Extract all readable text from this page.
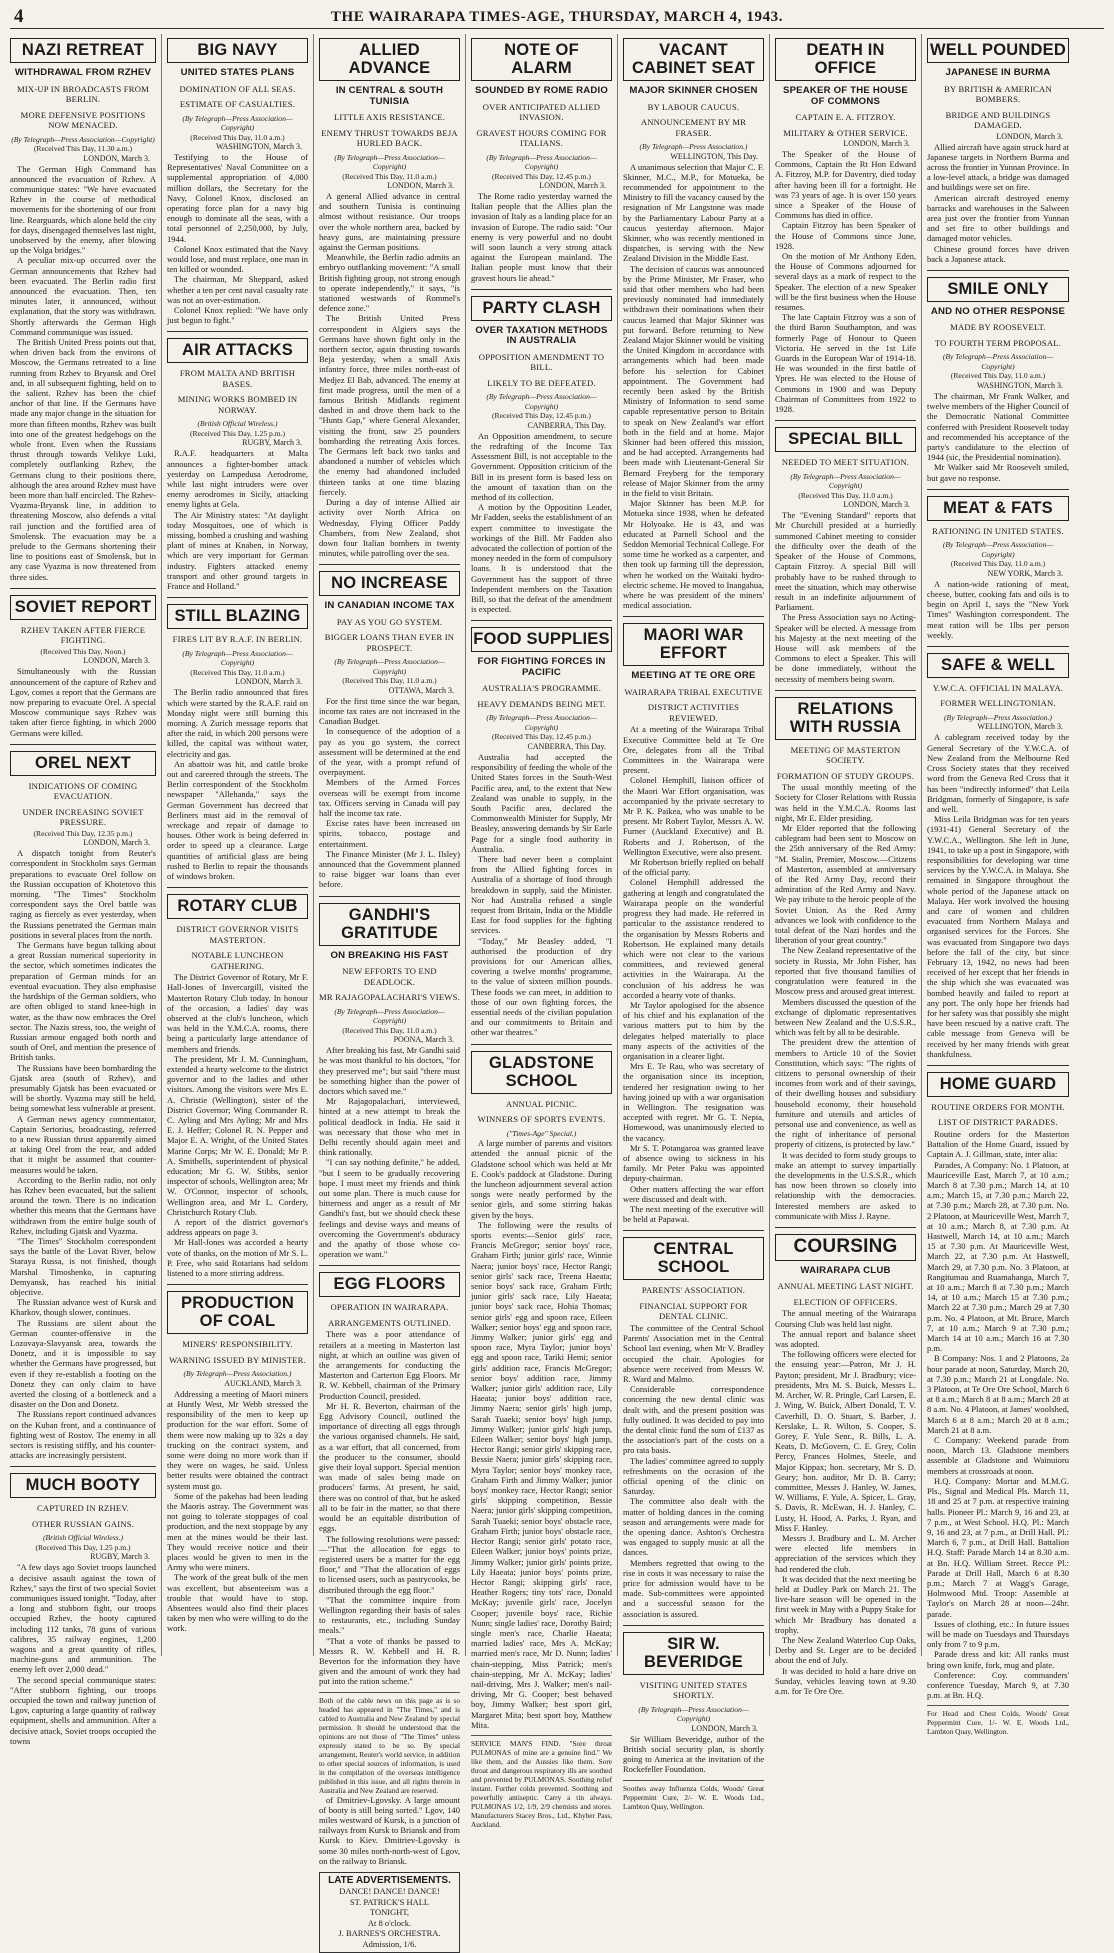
4	THE WAIRARAPA TIMES-AGE, THURSDAY, MARCH 4, 1943.
NAZI RETREAT
WITHDRAWAL FROM RZHEV
MIX-UP IN BROADCASTS FROM BERLIN.
MORE DEFENSIVE POSITIONS NOW MENACED.
(By Telegraph—Press Association—Copyright)
(Received This Day, 11.30 a.m.)
LONDON, March 3.

The German High Command has announced the evacuation of Rzhev. A communique states: "We have evacuated Rzhev in the course of methodical movements for the shortening of our front line. Rearguards, which alone held the city for days, disengaged themselves last night, unobserved by the enemy, after blowing up the Volga bridges."

A peculiar mix-up occurred over the German announcements that Rzhev had been evacuated. The Berlin radio first announced the evacuation. Then, ten minutes later, it announced, without explanation, that the story was withdrawn. Shortly afterwards the German High Command communique was issued.

The British United Press points out that, when driven back from the environs of Moscow, the Germans retreated to a line running from Rzhev to Bryansk and Orel and, in all subsequent fighting, held on to the salient. Rzhev has been the chief anchor of that line. If the Germans have made any major change in the situation for more than fifteen months, Rzhev was built into one of the greatest hedgehogs on the whole front. Even when the Russians thrust through towards Velikye Luki, completely outflanking Rzhev, the Germans clung to their positions there, although the area around Rzhev must have been more than half encircled. The Rzhev-Vyazma-Bryansk line, in addition to threatening Moscow, also defends a vital rail junction and the fortified area of Smolensk. The evacuation may be a prelude to the Germans shortening their line to positions east of Smolensk, but in any case Vyazma is now threatened from three sides.

SOVIET REPORT
RZHEV TAKEN AFTER FIERCE FIGHTING.
(Received This Day, Noon.)
LONDON, March 3.

Simultaneously with the Russian announcement of the capture of Rzhev and Lgov, comes a report that the Germans are now preparing to evacuate Orel. A special Moscow communique says Rzhev was taken after fierce fighting, in which 2000 Germans were killed.

OREL NEXT
INDICATIONS OF COMING EVACUATION.
UNDER INCREASING SOVIET PRESSURE.
(Received This Day, 12.35 p.m.)
LONDON, March 3.

A dispatch tonight from Reuter's correspondent in Stockholm says German preparations to evacuate Orel follow on the Russian occupation of Khotetovo this morning. "The Times" Stockholm correspondent says the Orel battle was raging as fiercely as ever yesterday, when the Russians penetrated the German main positions in several places from the north.

The Germans have begun talking about a great Russian numerical superiority in the sector, which sometimes indicates the preparation of German minds for an eventual evacuation. They also emphasise the hardships of the German soldiers, who are often obliged to stand knee-high in water, as the thaw now embraces the Orel sector. The Nazis stress, too, the weight of Russian armour engaged both north and south of Orel, and mention the presence of British tanks.

The Russians have been bombarding the Gjatsk area (south of Rzhev), and presumably Gjatsk has been evacuated or will be shortly. Vyazma may still be held, being somewhat less vulnerable at present.

A German news agency commentator, Captain Sertorius, broadcasting, referred to a new Russian thrust apparently aimed at taking Orel from the rear, and added that it might be assumed that counter-measures would be taken.

According to the Berlin radio, not only has Rzhev been evacuated, but the salient around the town. There is no indication whether this means that the Germans have withdrawn from the entire bulge south of Rzhev, including Gjatsk and Vyazma.

"The Times" Stockholm correspondent says the battle of the Lovat River, below Staraya Russa, is not finished, though Marshal Timoshenko, in capturing Demyansk, has reached his initial objective.

The Russian advance west of Kursk and Kharkov, though slower, continues.

The Russians are silent about the German counter-offensive in the Lozovaya-Slavyansk area, towards the Donetz, and it is impossible to say whether the Germans have progressed, but even if they re-establish a footing on the Donetz they can only claim to have averted the closing of a bottleneck and a disaster on the Don and Donetz.

The Russians report continued advances on the Kuban front, and a continuance of fighting west of Rostov. The enemy in all sectors is resisting stiffly, and his counter-attacks are increasingly persistent.

MUCH BOOTY
CAPTURED IN RZHEV.
OTHER RUSSIAN GAINS.
(British Official Wireless.)
(Received This Day, 1.25 p.m.)
RUGBY, March 3.

"A few days ago Soviet troops launched a decisive assault against the town of Rzhev," says the first of two special Soviet communiques issued tonight. "Today, after a long and stubborn fight, our troops occupied Rzhev, the booty captured including 112 tanks, 78 guns of various calibres, 35 railway engines, 1,200 wagons and a great quantity of rifles, machine-guns and ammunition. The enemy left over 2,000 dead."

The second special communique states: "After stubborn fighting, our troops occupied the town and railway junction of Lgov, capturing a large quantity of railway equipment, shells and ammunition. After a decisive attack, Soviet troops occupied the towns

BIG NAVY
UNITED STATES PLANS
DOMINATION OF ALL SEAS.
ESTIMATE OF CASUALTIES.
(By Telegraph—Press Association—Copyright)
(Received This Day, 11.0 a.m.)
WASHINGTON, March 3.

Testifying to the House of Representatives' Naval Committee on a supplemental appropriation of 4,000 million dollars, the Secretary for the Navy, Colonel Knox, disclosed an operating force plan for a navy big enough to dominate all the seas, with a total personnel of 2,250,000, by July, 1944.

Colonel Knox estimated that the Navy would lose, and must replace, one man in ten killed or wounded.

The chairman, Mr Sheppard, asked whether a ten per cent naval casualty rate was not an over-estimation.

Colonel Knox replied: "We have only just begun to fight."

AIR ATTACKS
FROM MALTA AND BRITISH BASES.
MINING WORKS BOMBED IN NORWAY.
(British Official Wireless.)
(Received This Day, 1.25 p.m.)
RUGBY, March 3.

R.A.F. headquarters at Malta announces a fighter-bomber attack yesterday on Lampedusa Aerodrome, while last night intruders were over enemy aerodromes in Sicily, attacking enemy lights at Gela.

The Air Ministry states: "At daylight today Mosquitoes, one of which is missing, bombed a crushing and washing plant of mines at Knaben, in Norway, which are very important for German industry. Fighters attacked enemy transport and other ground targets in France and Holland."

STILL BLAZING
FIRES LIT BY R.A.F. IN BERLIN.
(By Telegraph—Press Association—Copyright)
(Received This Day, 11.0 a.m.)
LONDON, March 3.

The Berlin radio announced that fires which were started by the R.A.F. raid on Monday night were still burning this morning. A Zurich message reports that after the raid, in which 200 persons were killed, the capital was without water, electricity and gas.

An abattoir was hit, and cattle broke out and careered through the streets. The Berlin correspondent of the Stockholm newspaper "Allehanda," says the German Government has decreed that Berliners must aid in the removal of wreckage and repair of damage to houses. Other work is being deferred in order to speed up a clearance. Large quantities of artificial glass are being rushed to Berlin to repair the thousands of windows broken.

ROTARY CLUB
DISTRICT GOVERNOR VISITS MASTERTON.
NOTABLE LUNCHEON GATHERING.

The District Governor of Rotary, Mr F. Hall-Jones of Invercargill, visited the Masterton Rotary Club today. In honour of the occasion, a ladies' day was observed at the club's luncheon, which was held in the Y.M.C.A. rooms, there being a particularly large attendance of members and friends.

The president, Mr J. M. Cunningham, extended a hearty welcome to the district governor and to the ladies and other visitors. Among the visitors were Mrs E. A. Christie (Wellington), sister of the District Governor; Wing Commander R. C. Ayling and Mrs Ayling; Mr and Mrs E. J. Heffer; Colonel R. N. Pepper and Major E. A. Wright, of the United States Marine Corps; Mr W. E. Donald; Mr P. A. Smithells, superintendent of physical education; Mr G. W. Stibbs, senior inspector of schools, Wellington area; Mr W. O'Connor, inspector of schools, Wellington area, and Mr L. Cordery, Christchurch Rotary Club.

A report of the district governor's address appears on page 3.

Mr Hall-Jones was accorded a hearty vote of thanks, on the motion of Mr S. L. P. Free, who said Rotarians had seldom listened to a more stirring address.

PRODUCTION OF COAL
MINERS' RESPONSIBILITY.
WARNING ISSUED BY MINISTER.
(By Telegraph—Press Association.)
AUCKLAND, March 3.

Addressing a meeting of Maori miners at Huntly West, Mr Webb stressed the responsibility of the men to keep up production for the war effort. Some of them were now making up to 32s a day trucking on the contract system, and some were doing no more work than if they were on wages, he said. Unless better results were obtained the contract system must go.

Some of the pakehas had been leading the Maoris astray. The Government was not going to tolerate stoppages of coal production, and the next stoppage by any men at the mines would be their last. They would receive notice and their places would be given to men in the Army who were miners.

The work of the great bulk of the men was excellent, but absenteeism was a trouble that would have to stop. Absentees would also find their places taken by men who were willing to do the work.

ALLIED ADVANCE
IN CENTRAL & SOUTH TUNISIA
LITTLE AXIS RESISTANCE.
ENEMY THRUST TOWARDS BEJA HURLED BACK.
(By Telegraph—Press Association—Copyright)
(Received This Day, 11.0 a.m.)
LONDON, March 3.

A general Allied advance in central and southern Tunisia is continuing almost without resistance. Our troops over the whole northern area, backed by heavy guns, are maintaining pressure against the German positions.

Meanwhile, the Berlin radio admits an embryo outflanking movement: "A small British fighting group, not strong enough to operate independently," it says, "is stationed westwards of Rommel's defence zone."

The British United Press correspondent in Algiers says the Germans have shown fight only in the northern sector, again thrusting towards Beja yesterday, when a small Axis infantry force, three miles north-east of Medjez El Bab, advanced. The enemy at first made progress, until the men of a famous British Midlands regiment dashed in and drove them back to the "Hunts Gap," where General Alexander, visiting the front, saw 25 pounders bombarding the retreating Axis forces. The Germans left back two tanks and abandoned a number of vehicles which the enemy had abandoned included thirteen tanks at one time blazing fiercely.

During a day of intense Allied air activity over North Africa on Wednesday, Flying Officer Paddy Chambers, from New Zealand, shot down four Italian bombers in twenty minutes, while patrolling over the sea.

NO INCREASE
IN CANADIAN INCOME TAX
PAY AS YOU GO SYSTEM.
BIGGER LOANS THAN EVER IN PROSPECT.
(By Telegraph—Press Association—Copyright)
(Received This Day, 11.0 a.m.)
OTTAWA, March 3.

For the first time since the war began, income tax rates are not increased in the Canadian Budget.

In consequence of the adoption of a pay as you go system, the correct assessment will be determined at the end of the year, with a prompt refund of overpayment.

Members of the Armed Forces overseas will be exempt from income tax. Officers serving in Canada will pay half the income tax rate.

Excise rates have been increased on spirits, tobacco, postage and entertainment.

The Finance Minister (Mr J. L. Ilsley) announced that the Government planned to raise bigger war loans than ever before.

GANDHI'S GRATITUDE
ON BREAKING HIS FAST
NEW EFFORTS TO END DEADLOCK.
MR RAJAGOPALACHARI'S VIEWS.
(By Telegraph—Press Association—Copyright)
(Received This Day, 11.0 a.m.)
POONA, March 3.

After breaking his fast, Mr Gandhi said he was most thankful to his doctors, "for they preserved me"; but said "there must be something higher than the power of doctors which saved me."

Mr Rajagopalachari, interviewed, hinted at a new attempt to break the political deadlock in India. He said it was necessary that those who met in Delhi recently should again meet and think rationally.

"I can say nothing definite," he added, "but I seem to be gradually recovering hope. I must meet my friends and think out some plan. There is much cause for bitterness and anger as a result of Mr Gandhi's fast, but we should check these feelings and devise ways and means of overcoming the Government's obduracy and the apathy of those whose co-operation we want."

EGG FLOORS
OPERATION IN WAIRARAPA.
ARRANGEMENTS OUTLINED.

There was a poor attendance of retailers at a meeting in Masterton last night, at which an outline was given of the arrangements for conducting the Masterton and Carterton Egg Floors. Mr R. W. Kebbell, chairman of the Primary Production Council, presided.

Mr H. R. Beverton, chairman of the Egg Advisory Council, outlined the importance of directing all eggs through the various organised channels. He said, as a war effort, that all concerned, from the producer to the consumer, should give their loyal support. Special mention was made of sales being made on producers' farms. At present, he said, there was no control of that, but he asked all to be fair in the matter, so that there would be an equitable distribution of eggs.

The following resolutions were passed:—"That the allocation for eggs to registered users be a matter for the egg floor," and "That the allocation of eggs to licensed users, such as pastrycooks, be distributed through the egg floor."

"That the committee inquire from Wellington regarding their basis of sales to restaurants, etc., including Sunday meals."

"That a vote of thanks be passed to Messrs R. W. Kebbell and H. R. Beverton for the information they have given and the amount of work they had put into the ration scheme."

Both of the cable news on this page as is so headed has appeared in "The Times," and is cabled to Australia and New Zealand by special permission. It should be understood that the opinions are not those of "The Times" unless expressly stated to be so. By special arrangement, Reuter's world service, in addition to other special sources of information, is used in the compilation of the overseas intelligence published in this issue, and all rights therein in Australia and New Zealand are reserved.

of Dmitriev-Lgovsky. A large amount of booty is still being sorted." Lgov, 140 miles westward of Kursk, is a junction of railways from Kursk to Briansk and from Kursk to Kiev. Dmitriev-Lgovsky is some 30 miles north-north-west of Lgov, on the railway to Briansk.

LATE ADVERTISEMENTS.
DANCE! DANCE! DANCE!
ST. PATRICK'S HALL
TONIGHT,
At 8 o'clock.
J. BARNES'S ORCHESTRA.
Admission, 1/6.
NOTE OF ALARM
SOUNDED BY ROME RADIO
OVER ANTICIPATED ALLIED INVASION.
GRAVEST HOURS COMING FOR ITALIANS.
(By Telegraph—Press Association—Copyright)
(Received This Day, 12.45 p.m.)
LONDON, March 3.

The Rome radio yesterday warned the Italian people that the Allies plan the invasion of Italy as a landing place for an invasion of Europe. The radio said: "Our enemy is very powerful and no doubt will soon launch a very strong attack against the European mainland. The Italian people must know that their gravest hours lie ahead."

PARTY CLASH
OVER TAXATION METHODS IN AUSTRALIA
OPPOSITION AMENDMENT TO BILL.
LIKELY TO BE DEFEATED.
(By Telegraph—Press Association—Copyright)
(Received This Day, 12.45 p.m.)
CANBERRA, This Day.

An Opposition amendment, to secure the redrafting of the Income Tax Assessment Bill, is not acceptable to the Government. Opposition criticism of the Bill in its present form is based less on the amount of taxation than on the method of its collection.

A motion by the Opposition Leader, Mr Fadden, seeks the establishment of an expert committee to investigate the workings of the Bill. Mr Fadden also advocated the collection of portion of the money needed in the form of compulsory loans. It is understood that the Government has the support of three Independent members on the Taxation Bill, so that the defeat of the amendment is expected.

FOOD SUPPLIES
FOR FIGHTING FORCES IN PACIFIC
AUSTRALIA'S PROGRAMME.
HEAVY DEMANDS BEING MET.
(By Telegraph—Press Association—Copyright)
(Received This Day, 12.45 p.m.)
CANBERRA, This Day.

Australia had accepted the responsibility of feeding the whole of the United States forces in the South-West Pacific area, and, to the extent that New Zealand was unable to supply, in the South Pacific area, declared the Commonwealth Minister for Supply, Mr Beasley, answering demands by Sir Earle Page for a single food authority in Australia.

There had never been a complaint from the Allied fighting forces in Australia of a shortage of food through breakdown in supply, said the Minister. Nor had Australia refused a single request from Britain, India or the Middle East for food supplies for the fighting services.

"Today," Mr Beasley added, "I authorised the production of dry provisions for our American allies, covering a twelve months' programme, to the value of sixteen million pounds. These foods we can meet, in addition to those of our own fighting forces, the essential needs of the civilian population and our commitments to Britain and other war theatres."

GLADSTONE SCHOOL
ANNUAL PICNIC.
WINNERS OF SPORTS EVENTS.
("Times-Age" Special.)

A large number of parents and visitors attended the annual picnic of the Gladstone school which was held at Mr E. Cook's paddock at Gladstone. During the luncheon adjournment several action songs were neatly performed by the senior girls, and some stirring hakas given by the boys.

The following were the results of sports events:—Senior girls' race, Francis McGregor; senior boys' race, Graham Firth; junior girls' race, Winnie Naera; junior boys' race, Hector Rangi; senior girls' sack race, Treena Haeata; senior boys' sack race, Graham Firth; junior girls' sack race, Lily Haeata; junior boys' sack race, Hohia Thomas; senior girls' egg and spoon race, Eileen Walker; senior boys' egg and spoon race, Jimmy Walker; junior girls' egg and spoon race, Myra Taylor; junior boys' egg and spoon race, Tariki Hemi; senior girls' addition race, Francis McGregor; senior boys' addition race, Jimmy Walker; junior girls' addition race, Lily Haeata; junior boys' addition race, Jimmy Naera; senior girls' high jump, Sarah Tuaeki; senior boys' high jump, Jimmy Walker; junior girls' high jump, Eileen Walker; senior boys' high jump, Hector Rangi; senior girls' skipping race, Bessie Naera; junior girls' skipping race, Myra Taylor; senior boys' monkey race, Graham Firth and Jimmy Walker; junior boys' monkey race, Hector Rangi; senior girls' skipping competition, Bessie Naera; junior girls' skipping competition, Sarah Tuaeki; senior boys' obstacle race, Graham Firth; junior boys' obstacle race, Hector Rangi; senior girls' potato race, Eileen Walker; junior boys' points prize, Jimmy Walker; junior girls' points prize, Lily Haeata; junior boys' points prize, Hector Rangi; skipping girls' race, Heather Rogers; tiny tots' race, Donald McKay; juvenile girls' race, Jocelyn Cooper; juvenile boys' race, Richie Nunn; single ladies' race, Dorothy Baird; single men's race, Charlie Haeata; married ladies' race, Mrs A. McKay; married men's race, Mr D. Nunn; ladies' chain-stepping, Miss Patrick; men's chain-stepping, Mr A. McKay; ladies' nail-driving, Mrs J. Walker; men's nail-driving, Mr G. Cooper; best behaved boy, Jimmy Walker; best sport girl, Margaret Mita; best sport boy, Matthew Mita.

SERVICE MAN'S FIND. "Sore throat PULMONAS of mine are a genuine find." We like them, and the Aussies like them. Sore throat and dangerous respiratory ills are soothed and prevented by PULMONAS. Soothing relief instant. Further colds prevented. Soothing and powerfully antiseptic. Carry a tin always. PULMONAS 1/2, 1/9, 2/9 chemists and stores. Manufacturers Stacey Bros., Ltd., Khyber Pass, Auckland.
VACANT CABINET SEAT
MAJOR SKINNER CHOSEN
BY LABOUR CAUCUS.
ANNOUNCEMENT BY MR FRASER.
(By Telegraph—Press Association.)
WELLINGTON, This Day.

A unanimous selection that Major C. F. Skinner, M.C., M.P., for Motueka, be recommended for appointment to the Ministry to fill the vacancy caused by the resignation of Mr Langstone was made by the Parliamentary Labour Party at a caucus yesterday afternoon. Major Skinner, who was recently mentioned in dispatches, is serving with the New Zealand Division in the Middle East.

The decision of caucus was announced by the Prime Minister, Mr Fraser, who said that other members who had been previously nominated had immediately withdrawn their nominations when their caucus learned that Major Skinner was put forward. Before returning to New Zealand Major Skinner would be visiting the United Kingdom in accordance with arrangements which had been made before his selection for Cabinet appointment. The Government had recently been asked by the British Ministry of Information to send some capable representative person to Britain to speak on New Zealand's war effort both in the field and at home. Major Skinner had been offered this mission, and he had accepted. Arrangements had been made with Lieutenant-General Sir Bernard Freyberg for the temporary release of Major Skinner from the army in the field to visit Britain.

Major Skinner has been M.P. for Motueka since 1938, when he defeated Mr Holyoake. He is 43, and was educated at Parnell School and the Seddon Memorial Technical College. For some time he worked as a carpenter, and then took up farming till the depression, when he worked on the Waitaki hydro-electric scheme. He moved to Inangahua, where he was president of the miners' medical association.

MAORI WAR EFFORT
MEETING AT TE ORE ORE
WAIRARAPA TRIBAL EXECUTIVE
DISTRICT ACTIVITIES REVIEWED.

At a meeting of the Wairarapa Tribal Executive Committee held at Te Ore Ore, delegates from all the Tribal Committees in the Wairarapa were present.

Colonel Hemphill, liaison officer of the Maori War Effort organisation, was accompanied by the private secretary to Mr P. K. Paikea, who was unable to be present. Mr Robert Taylor, Messrs A. W. Furner (Auckland Executive) and B. Roberts and J. Robertson, of the Wellington Executive, were also present.

Mr Robertson briefly replied on behalf of the official party.

Colonel Hemphill addressed the gathering at length and congratulated the Wairarapa people on the wonderful progress they had made. He referred in particular to the assistance rendered to the organisation by Messrs Roberts and Robertson. He explained many details which were not clear to the various committees, and reviewed general activities in the Wairarapa. At the conclusion of his address he was accorded a hearty vote of thanks.

Mr Taylor apologised for the absence of his chief and his explanation of the various matters put to him by the delegates helped materially to place many aspects of the activities of the organisation in a clearer light.

Mrs E. Te Rau, who was secretary of the organisation since its inception, tendered her resignation owing to her having joined up with a war organisation in Wellington. The resignation was accepted with regret. Mr G. T. Nepia, Homewood, was unanimously elected to the vacancy.

Mr S. T. Potangaroa was granted leave of absence owing to sickness in his family. Mr Peter Paku was appointed deputy-chairman.

Other matters affecting the war effort were discussed and dealt with.

The next meeting of the executive will be held at Papawai.

CENTRAL SCHOOL
PARENTS' ASSOCIATION.
FINANCIAL SUPPORT FOR DENTAL CLINIC.

The committee of the Central School Parents' Association met in the Central School last evening, when Mr V. Bradley occupied the chair. Apologies for absence were received from Messrs W. R. Ward and Malmo.

Considerable correspondence concerning the new dental clinic was dealt with, and the present position was fully outlined. It was decided to pay into the dental clinic fund the sum of £137 as the association's part of the costs on a pro rata basis.

The ladies' committee agreed to supply refreshments on the occasion of the official opening of the clinic on Saturday.

The committee also dealt with the matter of holding dances in the coming season and arrangements were made for the opening dance. Ashton's Orchestra was engaged to supply music at all the dances.

Members regretted that owing to the rise in costs it was necessary to raise the price for admission would have to be made. Sub-committees were appointed and a successful season for the association is assured.

SIR W. BEVERIDGE
VISITING UNITED STATES SHORTLY.
(By Telegraph—Press Association—Copyright)
LONDON, March 3.

Sir William Beveridge, author of the British social security plan, is shortly going to America at the invitation of the Rockefeller Foundation.

Soothes away Influenza Colds, Woods' Great Peppermint Cure, 2/- W. E. Woods Ltd., Lambton Quay, Wellington.
DEATH IN OFFICE
SPEAKER OF THE HOUSE OF COMMONS
CAPTAIN E. A. FITZROY.
MILITARY & OTHER SERVICE.
LONDON, March 3.

The Speaker of the House of Commons, Captain the Rt Hon Edward A. Fitzroy, M.P. for Daventry, died today after having been ill for a fortnight. He was 73 years of age. It is over 150 years since a Speaker of the House of Commons has died in office.

Captain Fitzroy has been Speaker of the House of Commons since June, 1928.

On the motion of Mr Anthony Eden, the House of Commons adjourned for several days as a mark of respect to the Speaker. The election of a new Speaker will be the first business when the House resumes.

The late Captain Fitzroy was a son of the third Baron Southampton, and was formerly Page of Honour to Queen Victoria. He served in the 1st Life Guards in the European War of 1914-18. He was wounded in the first battle of Ypres. He was elected to the House of Commons in 1900 and was Deputy Chairman of Committees from 1922 to 1928.

SPECIAL BILL
NEEDED TO MEET SITUATION.
(By Telegraph—Press Association—Copyright)
(Received This Day, 11.0 a.m.)
LONDON, March 3.

The "Evening Standard" reports that Mr Churchill presided at a hurriedly summoned Cabinet meeting to consider the difficulty over the death of the Speaker of the House of Commons, Captain Fitzroy. A special Bill will probably have to be rushed through to meet the situation, which may otherwise result in an indefinite adjournment of Parliament.

The Press Association says no Acting-Speaker will be elected. A message from his Majesty at the next meeting of the House will ask members of the Commons to elect a Speaker. This will be done immediately, without the necessity of members being sworn.

RELATIONS WITH RUSSIA
MEETING OF MASTERTON SOCIETY.
FORMATION OF STUDY GROUPS.

The usual monthly meeting of the Society for Closer Relations with Russia was held in the Y.M.C.A. Rooms last night, Mr E. Elder presiding.

Mr Elder reported that the following cablegram had been sent to Moscow on the 25th anniversary of the Red Army: "M. Stalin, Premier, Moscow.—Citizens of Masterton, assembled at anniversary of the Red Army Day, record their admiration of the Red Army and Navy. We pay tribute to the heroic people of the Soviet Union. As the Red Army advances we look with confidence to the total defeat of the Nazi hordes and the liberation of your great country."

The New Zealand representative of the society in Russia, Mr John Fisher, has reported that five thousand families of congratulation were featured in the Moscow press and aroused great interest.

Members discussed the question of the exchange of diplomatic representatives between New Zealand and the U.S.S.R., which was felt by all to be desirable.

The president drew the attention of members to Article 10 of the Soviet Constitution, which says: "The rights of citizens to personal ownership of their incomes from work and of their savings, of their dwelling houses and subsidiary household economy, their household furniture and utensils and articles of personal use and convenience, as well as the right of inheritance of personal property of citizens, is protected by law."

It was decided to form study groups to make an attempt to survey impartially the developments in the U.S.S.R., which has now been thrown so closely into relationship with the democracies. Interested members are asked to communicate with Miss J. Rayne.

COURSING
WAIRARAPA CLUB
ANNUAL MEETING LAST NIGHT.
ELECTION OF OFFICERS.

The annual meeting of the Wairarapa Coursing Club was held last night.

The annual report and balance sheet was adopted.

The following officers were elected for the ensuing year:—Patron, Mr J. H. Payton; president, Mr J. Bradbury; vice-presidents, Mrs M. S. Buick, Messrs L. M. Archer, W. R. Pringle, Carl Larsen, E. J. Wing, W. Buick, Albert Donald, T. V. Caverhill, D. O. Stuart, S. Barber, J. Kerslake, L. R. Wilton, S. Cooper, S. Gorey, F. Yule Senr., R. Bills, L. A. Keats, D. McGovern, C. E. Grey, Colin Percy, Frances Holmes, Steele, and Major Kippax; hon. secretary, Mr S. D. Geary; hon. auditor, Mr D. B. Carry; committee, Messrs J. Hanley, W. James, W. Williams, F. Yule, A. Spicer, L. Gray, S. Davis, R. McEwan, H. J. Hanley, C. Lusty, H. Hood, A. Parks, J. Ryan, and Miss F. Hanley.

Messrs J. Bradbury and L. M. Archer were elected life members in appreciation of the services which they had rendered the club.

It was decided that the next meeting be held at Dudley Park on March 21. The live-hare season will be opened in the first week in May with a Puppy Stake for which Mr Bradbury has donated a trophy.

The New Zealand Waterloo Cup Oaks, Derby and St. Leger are to be decided about the end of July.

It was decided to hold a hare drive on Sunday, vehicles leaving town at 9.30 a.m. for Te Ore Ore.

WELL POUNDED
JAPANESE IN BURMA
BY BRITISH & AMERICAN BOMBERS.
BRIDGE AND BUILDINGS DAMAGED.
LONDON, March 3.

Allied aircraft have again struck hard at Japanese targets in Northern Burma and across the frontier in Yunnan Province. In a low-level attack, a bridge was damaged and buildings were set on fire.

American aircraft destroyed enemy barracks and warehouses in the Salween area just over the frontier from Yunnan and set fire to other buildings and damaged motor vehicles.

Chinese ground forces have driven back a Japanese attack.

SMILE ONLY
AND NO OTHER RESPONSE
MADE BY ROOSEVELT.
TO FOURTH TERM PROPOSAL.
(By Telegraph—Press Association—Copyright)
(Received This Day, 11.0 a.m.)
WASHINGTON, March 3.

The chairman, Mr Frank Walker, and twelve members of the Higher Council of the Democratic National Committee conferred with President Roosevelt today and recommended his acceptance of the party's candidature to the election of 1944 (sic, the Presidential nomination).

Mr Walker said Mr Roosevelt smiled, but gave no response.

MEAT & FATS
RATIONING IN UNITED STATES.
(By Telegraph—Press Association—Copyright)
(Received This Day, 11.0 a.m.)
NEW YORK, March 3.

A nation-wide rationing of meat, cheese, butter, cooking fats and oils is to begin on April 1, says the "New York Times" Washington correspondent. The meat ration will be 1lbs per person weekly.

SAFE & WELL
Y.W.C.A. OFFICIAL IN MALAYA.
FORMER WELLINGTONIAN.
(By Telegraph—Press Association.)
WELLINGTON, March 3.

A cablegram received today by the General Secretary of the Y.W.C.A. of New Zealand from the Melbourne Red Cross Society states that they received word from the Geneva Red Cross that it has been "indirectly informed" that Leila Bridgman, formerly of Singapore, is safe and well.

Miss Leila Bridgman was for ten years (1931-41) General Secretary of the Y.W.C.A., Wellington. She left in June, 1941, to take up a post in Singapore, with responsibilities for developing war time services by the Y.W.C.A. in Malaya. She remained in Singapore throughout the whole period of the Japanese attack on Malaya. Her work involved the housing and care of women and children evacuated from Northern Malaya and organised services for the Forces. She was evacuated from Singapore two days before the fall of the city, but since February 13, 1942, no news had been received of her except that her friends in the ship which she was evacuated was bombed heavily and failed to report at any port. The only hope her friends had for her safety was that possibly she might have been rescued by a native craft. The cable message from Geneva will be received by her many friends with great thankfulness.

HOME GUARD
ROUTINE ORDERS FOR MONTH.
LIST OF DISTRICT PARADES.

Routine orders for the Masterton Battalion of the Home Guard, issued by Captain A. J. Gillman, state, inter alia:

Parades, A Company: No. 1 Platoon, at Mauriceville East, March 7, at 10 a.m.; March 8 at 7.30 p.m.; March 14, at 10 a.m.; March 15, at 7.30 p.m.; March 22, at 7.30 p.m.; March 28, at 7.30 p.m. No. 2 Platoon, at Mauriceville West, March 7, at 10 a.m.; March 8, at 7.30 p.m. At Hastwell, March 14, at 10 a.m.; March 15 at 7.30 p.m. At Mauriceville West, March 22, at 7.30 p.m. At Hastwell, March 29, at 7.30 p.m. No. 3 Platoon, at Rangitumau and Ruamahanga, March 7, at 10 a.m.; March 8 at 7.30 p.m.; March 14, at 10 a.m.; March 15 at 7.30 p.m.; March 22 at 7.30 p.m.; March 29 at 7.30 p.m. No. 4 Platoon, at Mt. Bruce, March 7, at 10 a.m.; March 9 at 7.30 p.m.; March 14 at 10 a.m.; March 16 at 7.30 p.m.

B Company: Nos. 1 and 2 Platoons, 2a hour parade at noon, Saturday, March 20, at 7.30 p.m.; March 21 at Longdale. No. 3 Platoon, at Te Ore Ore School, March 6 at 8 a.m.; March 8 at 8 a.m.; March 28 at 8 a.m. No. 4 Platoon, at James' woolshed, March 6 at 8 a.m.; March 20 at 8 a.m.; March 21 at 8 a.m.

C Company: Weekend parade from noon, March 13. Gladstone members assemble at Gladstone and Wainuioru members at crossroads at noon.

H.Q. Company: Mortar and M.M.G. Pls., Signal and Medical Pls. March 11, 18 and 25 at 7 p.m. at respective training halls. Pioneer Pl.: March 9, 16 and 23, at 7 p.m., at West School. H.Q. Pl.: March 9, 16 and 23, at 7 p.m., at Drill Hall. Pl.: March 6, 7 p.m., at Drill Hall. Battalion H.Q. Staff: Parade March 14 at 8.30 a.m. at Bn. H.Q. William Street. Recce Pl.: Parade at Drill Hall, March 6 at 8.30 p.m.; March 7 at Wagg's Garage, Holmwood Mtd. Troop: Assemble at Taylor's on March 28 at noon—24hr. parade.

Issues of clothing, etc.: In future issues will be made on Tuesdays and Thursdays only from 7 to 9 p.m.

Parade dress and kit: All ranks must bring own knife, fork, mug and plate.

Conference: Coy. commanders' conference Tuesday, March 9, at 7.30 p.m. at Bn. H.Q.

For Head and Chest Colds, Woods' Great Peppermint Cure, 1/- W. E. Woods Ltd., Lambton Quay, Wellington.
